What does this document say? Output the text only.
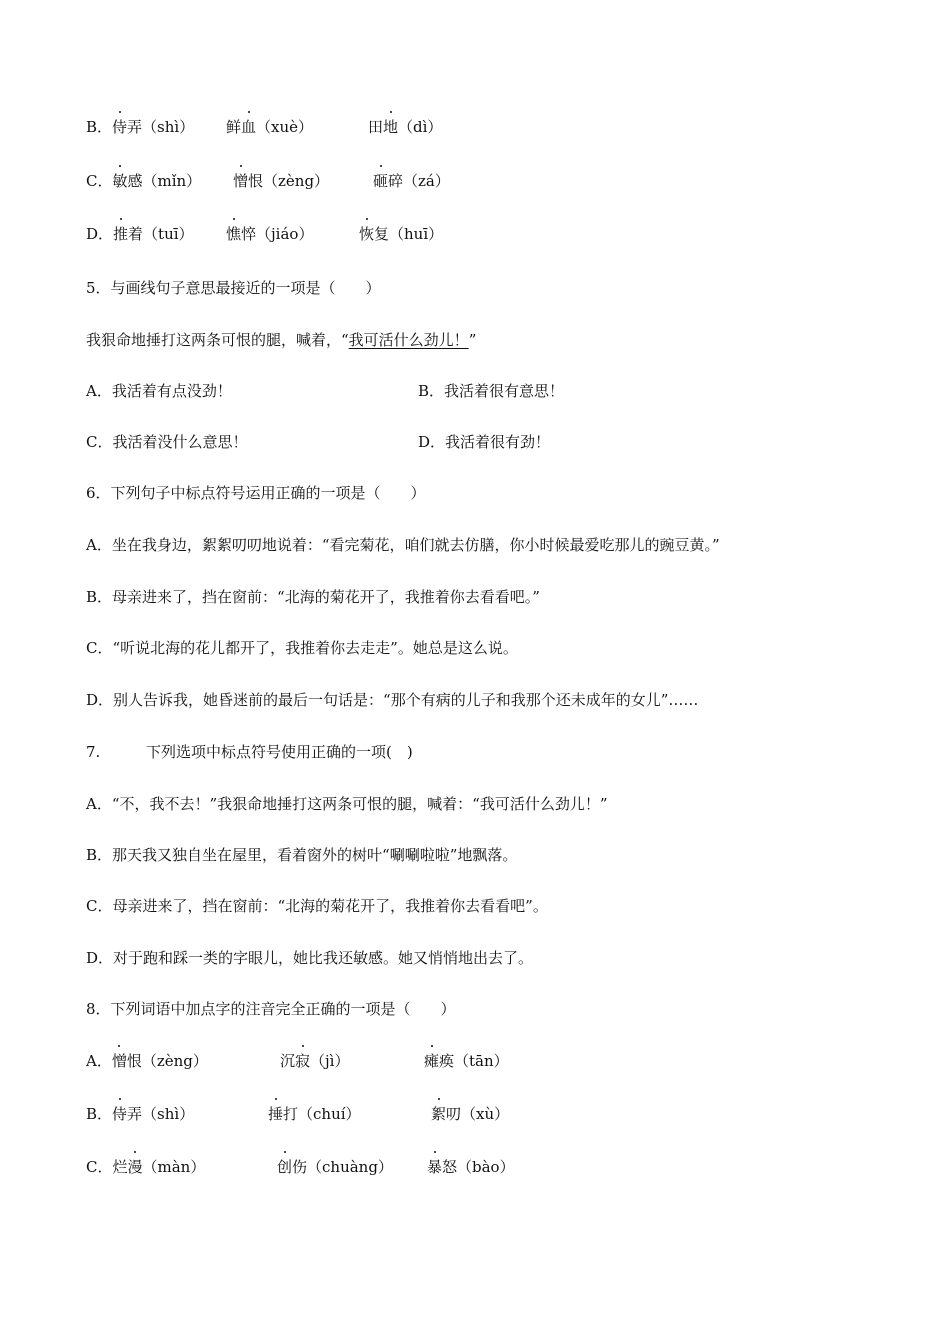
B．侍弄（shì） 鲜血（xuè）	田地（dì）
C．敏感（mǐn） 憎恨（zèng）	砸碎（zá）
D．推着（tuī） 憔悴（jiáo）	恢复（huī）
5．与画线句子意思最接近的一项是（　　）
我狠命地捶打这两条可恨的腿，喊着，“我可活什么劲儿！”
A．我活着有点没劲！	B．我活着很有意思！
C．我活着没什么意思！	D．我活着很有劲！
6．下列句子中标点符号运用正确的一项是（　　）
A．坐在我身边，絮絮叨叨地说着：“看完菊花，咱们就去仿膳，你小时候最爱吃那儿的豌豆黄。”
B．母亲进来了，挡在窗前：“北海的菊花开了，我推着你去看看吧。”
C．“听说北海的花儿都开了，我推着你去走走”。她总是这么说。
D．别人告诉我，她昏迷前的最后一句话是：“那个有病的儿子和我那个还未成年的女儿”……
7.	下列选项中标点符号使用正确的一项(　)
A．“不，我不去！”我狠命地捶打这两条可恨的腿，喊着：“我可活什么劲儿！”
B．那天我又独自坐在屋里，看着窗外的树叶“唰唰啦啦”地飘落。
C．母亲进来了，挡在窗前：“北海的菊花开了，我推着你去看看吧”。
D．对于跑和踩一类的字眼儿，她比我还敏感。她又悄悄地出去了。
8．下列词语中加点字的注音完全正确的一项是（　　）
A．憎恨（zèng）	沉寂（jì）	瘫痪（tān）
B．侍弄（shì）	捶打（chuí）	絮叨（xù）
C．烂漫（màn）	创伤（chuàng） 暴怒（bào）
